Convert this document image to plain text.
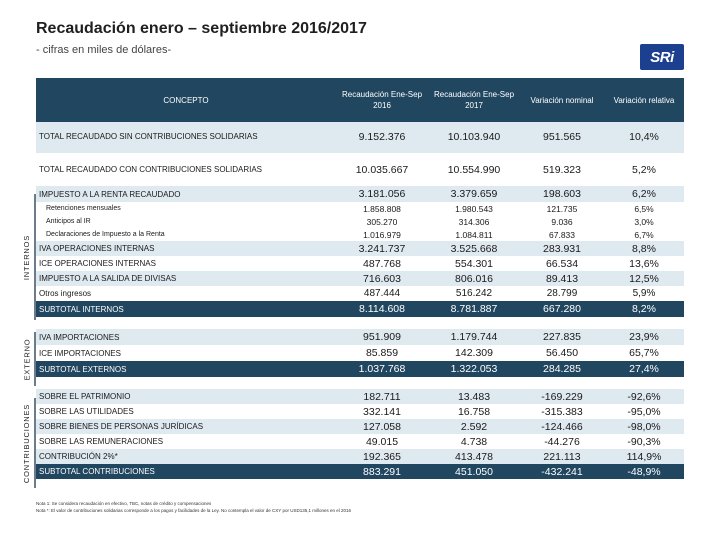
Recaudación enero – septiembre 2016/2017
- cifras en miles de dólares-	SRi
INTERNOS
EXTERNO
CONTRIBUCIONES
CONCEPTO	Recaudación Ene-Sep 2016	Recaudación Ene-Sep 2017	Variación nominal	Variación relativa

TOTAL RECAUDADO SIN CONTRIBUCIONES SOLIDARIAS	9.152.376	10.103.940	951.565	10,4%

TOTAL RECAUDADO CON CONTRIBUCIONES SOLIDARIAS	10.035.667	10.554.990	519.323	5,2%

IMPUESTO A LA RENTA RECAUDADO	3.181.056	3.379.659	198.603	6,2%
Retenciones mensuales	1.858.808	1.980.543	121.735	6,5%
Anticipos al IR	305.270	314.306	9.036	3,0%
Declaraciones de Impuesto a la Renta	1.016.979	1.084.811	67.833	6,7%
IVA OPERACIONES INTERNAS	3.241.737	3.525.668	283.931	8,8%
ICE OPERACIONES INTERNAS	487.768	554.301	66.534	13,6%
IMPUESTO A LA SALIDA DE DIVISAS	716.603	806.016	89.413	12,5%
Otros ingresos	487.444	516.242	28.799	5,9%
SUBTOTAL INTERNOS	8.114.608	8.781.887	667.280	8,2%

IVA IMPORTACIONES	951.909	1.179.744	227.835	23,9%
ICE IMPORTACIONES	85.859	142.309	56.450	65,7%
SUBTOTAL EXTERNOS	1.037.768	1.322.053	284.285	27,4%

SOBRE EL PATRIMONIO	182.711	13.483	-169.229	-92,6%
SOBRE LAS UTILIDADES	332.141	16.758	-315.383	-95,0%
SOBRE BIENES DE PERSONAS JURÍDICAS	127.058	2.592	-124.466	-98,0%
SOBRE LAS REMUNERACIONES	49.015	4.738	-44.276	-90,3%
CONTRIBUCIÓN 2%*	192.365	413.478	221.113	114,9%
SUBTOTAL CONTRIBUCIONES	883.291	451.050	-432.241	-48,9%
Nota 1: Se considera recaudación en efectivo, TBC, notas de crédito y compensaciones
Nota *: El valor de contribuciones solidarias corresponde a los pagos y facilidades de la Ley. No contempla el valor de CXY por USD135,1 millones en el 2016
